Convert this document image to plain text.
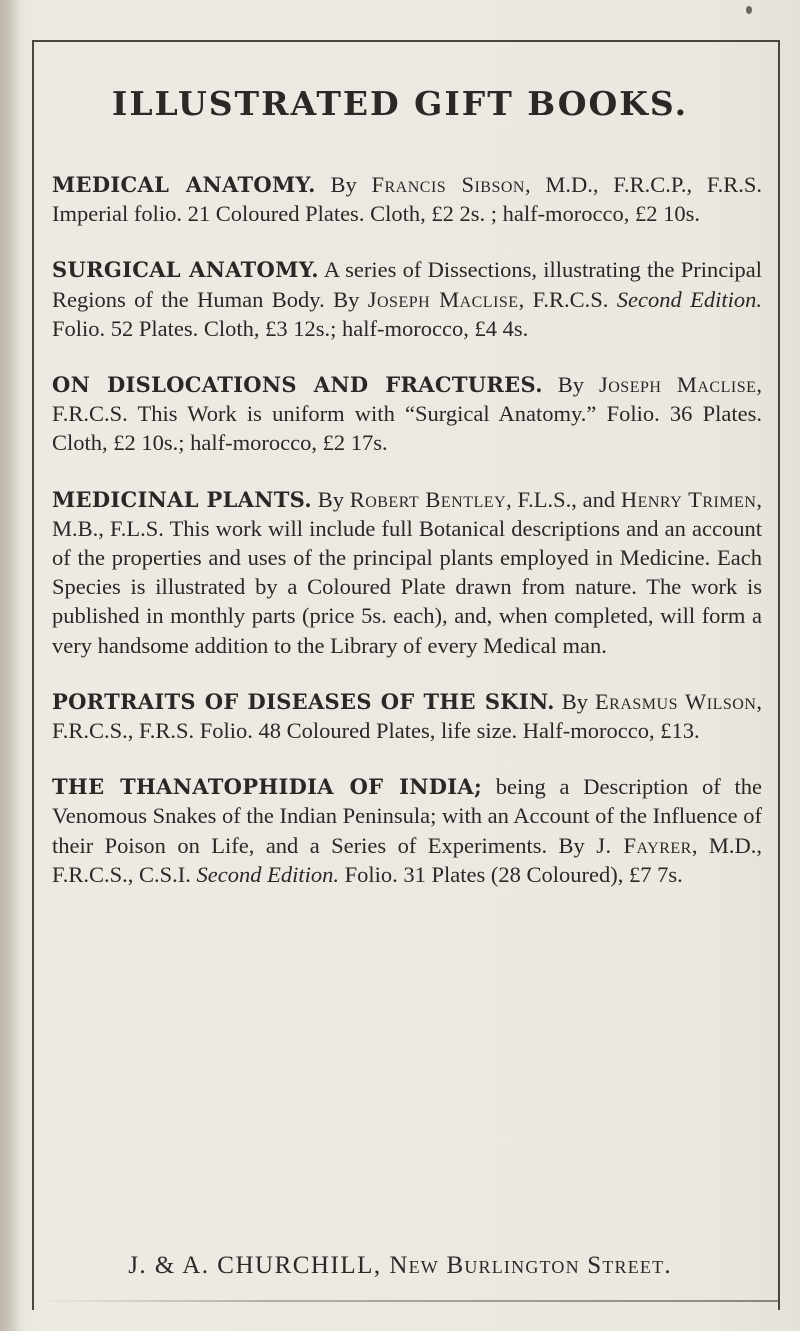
ILLUSTRATED GIFT BOOKS.
MEDICAL ANATOMY. By Francis Sibson, M.D., F.R.C.P., F.R.S. Imperial folio. 21 Coloured Plates. Cloth, £2 2s. ; half-morocco, £2 10s.
SURGICAL ANATOMY. A series of Dissections, illustrating the Principal Regions of the Human Body. By Joseph Maclise, F.R.C.S. Second Edition. Folio. 52 Plates. Cloth, £3 12s.; half-morocco, £4 4s.
ON DISLOCATIONS AND FRACTURES. By Joseph Maclise, F.R.C.S. This Work is uniform with “Surgical Anatomy.” Folio. 36 Plates. Cloth, £2 10s.; half-morocco, £2 17s.
MEDICINAL PLANTS. By Robert Bentley, F.L.S., and Henry Trimen, M.B., F.L.S. This work will include full Botanical descriptions and an account of the properties and uses of the principal plants employed in Medicine. Each Species is illustrated by a Coloured Plate drawn from nature. The work is published in monthly parts (price 5s. each), and, when completed, will form a very handsome addition to the Library of every Medical man.
PORTRAITS OF DISEASES OF THE SKIN. By Erasmus Wilson, F.R.C.S., F.R.S. Folio. 48 Coloured Plates, life size. Half-morocco, £13.
THE THANATOPHIDIA OF INDIA; being a Description of the Venomous Snakes of the Indian Peninsula; with an Account of the Influence of their Poison on Life, and a Series of Experiments. By J. Fayrer, M.D., F.R.C.S., C.S.I. Second Edition. Folio. 31 Plates (28 Coloured), £7 7s.
J. & A. CHURCHILL, New Burlington Street.
